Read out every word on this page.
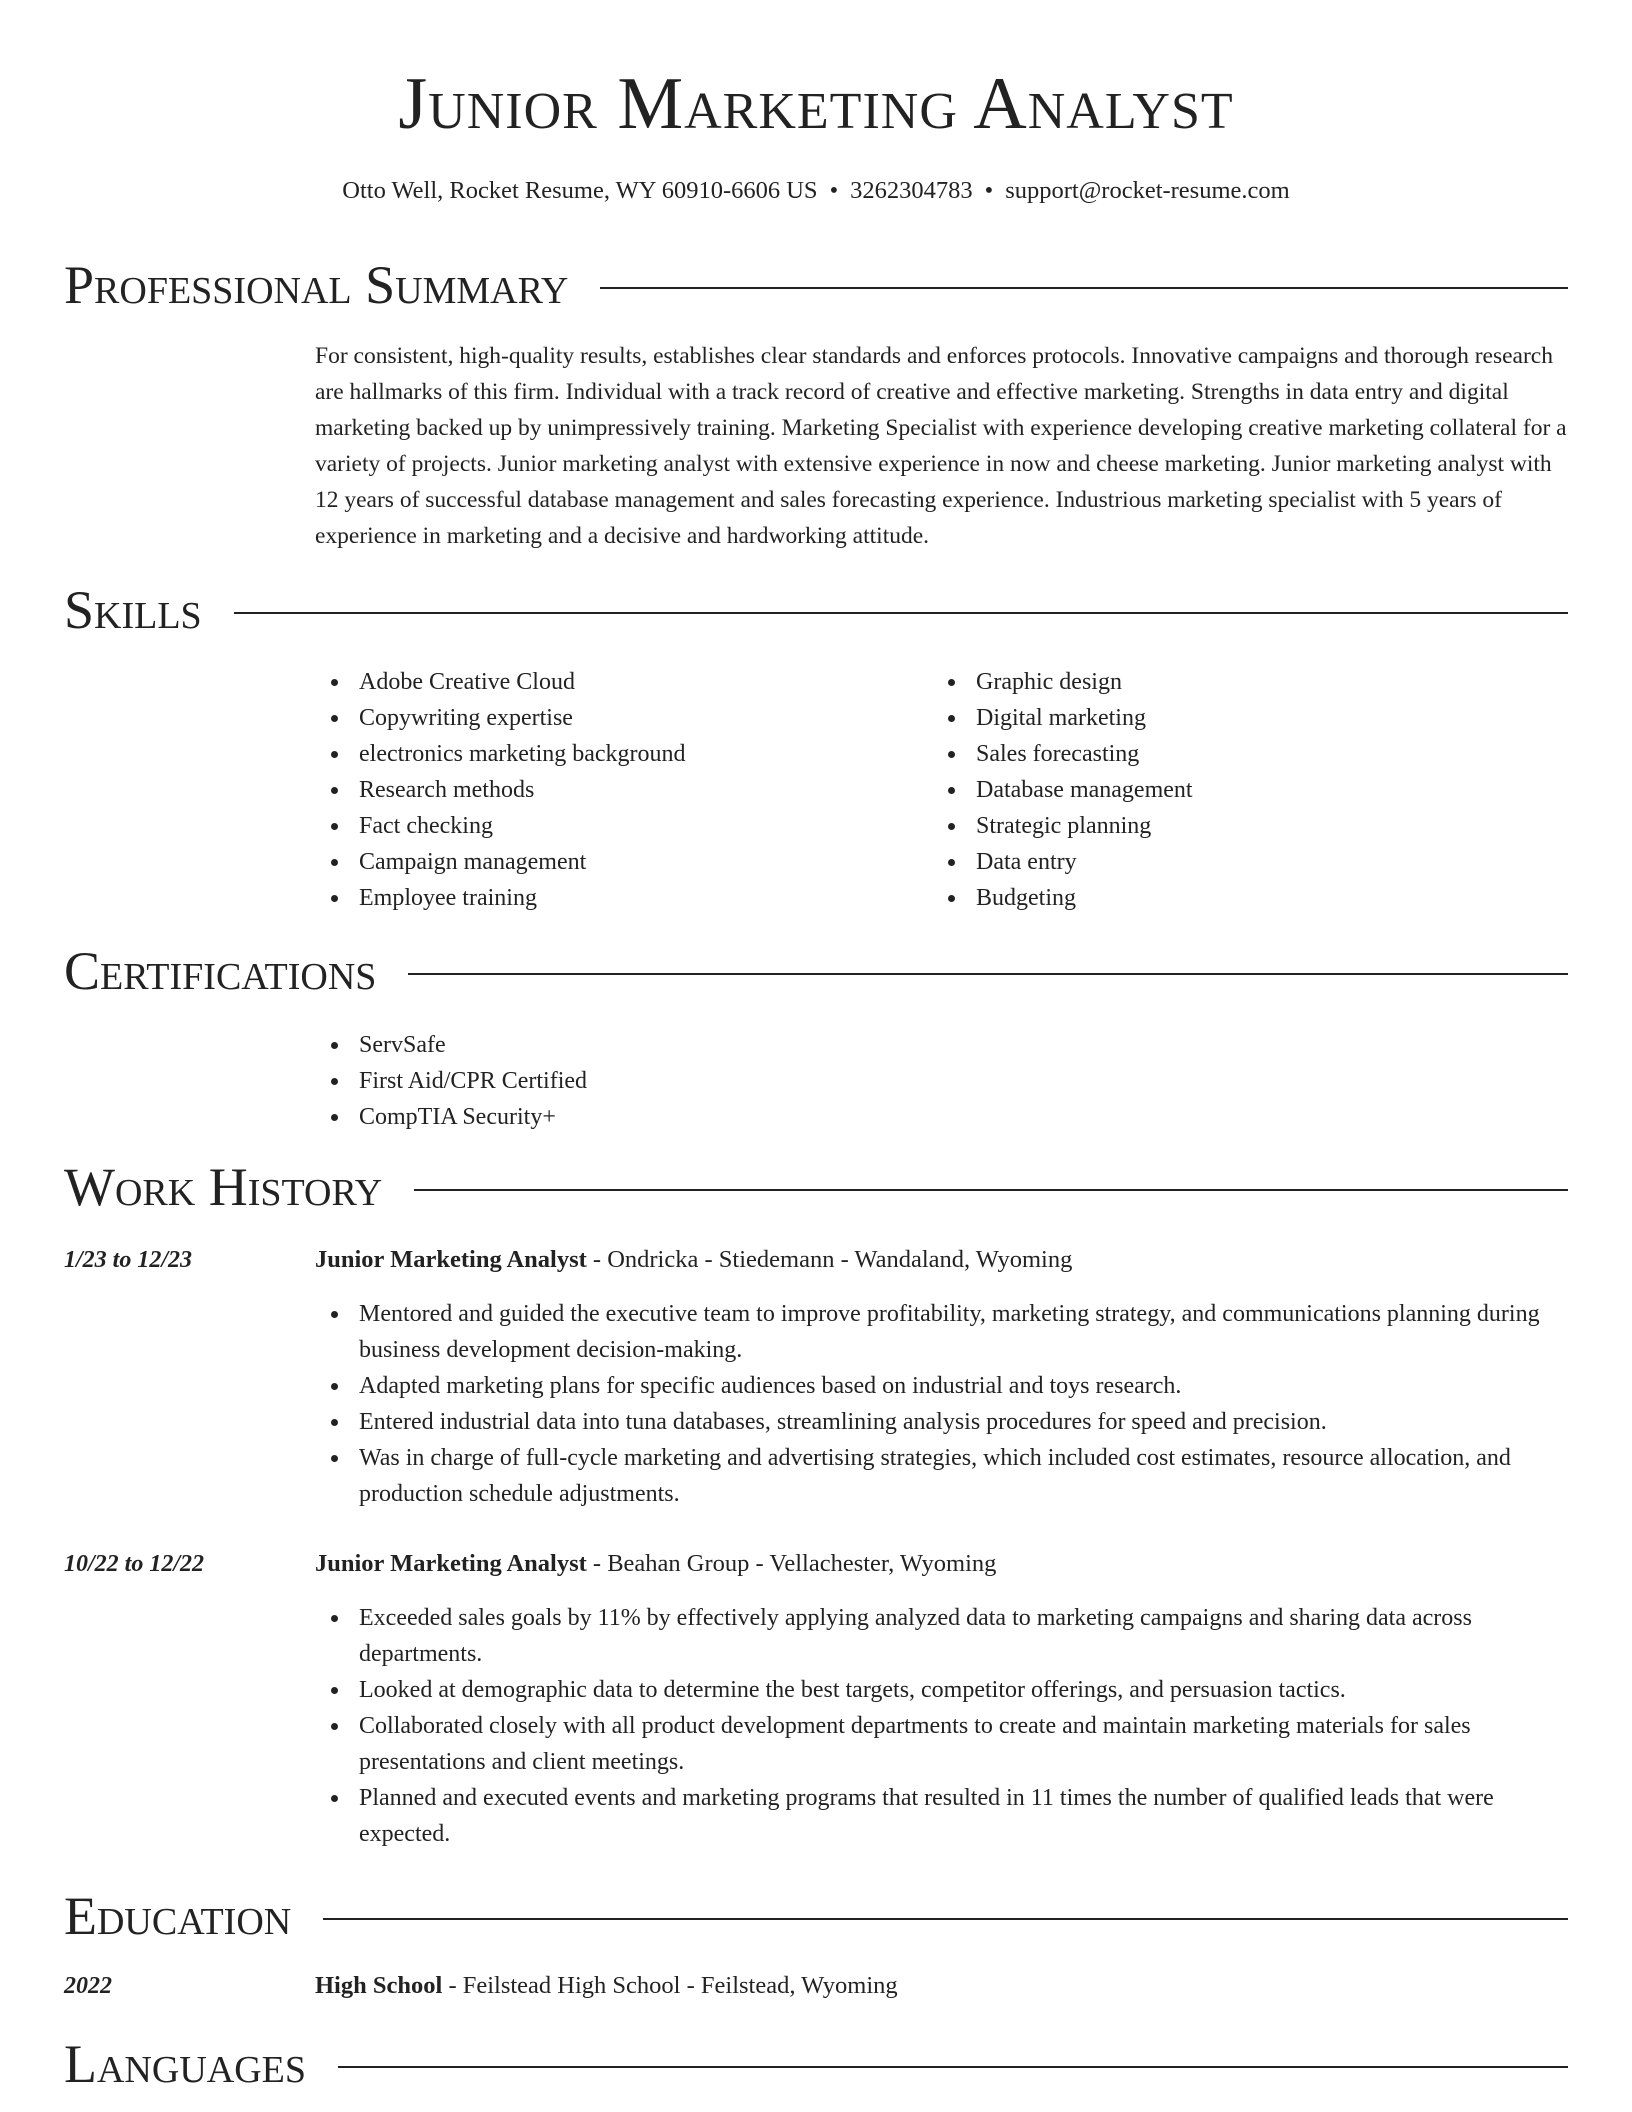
Junior Marketing Analyst
Otto Well, Rocket Resume, WY 60910-6606 US • 3262304783 • support@rocket-resume.com
Professional Summary

For consistent, high-quality results, establishes clear standards and enforces protocols. Innovative campaigns and thorough research are hallmarks of this firm. Individual with a track record of creative and effective marketing. Strengths in data entry and digital marketing backed up by unimpressively training. Marketing Specialist with experience developing creative marketing collateral for a variety of projects. Junior marketing analyst with extensive experience in now and cheese marketing. Junior marketing analyst with 12 years of successful database management and sales forecasting experience. Industrious marketing specialist with 5 years of experience in marketing and a decisive and hardworking attitude.

Skills
Adobe Creative Cloud
Copywriting expertise
electronics marketing background
Research methods
Fact checking
Campaign management
Employee training
Graphic design
Digital marketing
Sales forecasting
Database management
Strategic planning
Data entry
Budgeting
Certifications
ServSafe
First Aid/CPR Certified
CompTIA Security+
Work History
1/23 to 12/23	Junior Marketing Analyst - Ondricka - Stiedemann - Wandaland, Wyoming
Mentored and guided the executive team to improve profitability, marketing strategy, and communications planning during business development decision-making.
Adapted marketing plans for specific audiences based on industrial and toys research.
Entered industrial data into tuna databases, streamlining analysis procedures for speed and precision.
Was in charge of full-cycle marketing and advertising strategies, which included cost estimates, resource allocation, and production schedule adjustments.
10/22 to 12/22	Junior Marketing Analyst - Beahan Group - Vellachester, Wyoming
Exceeded sales goals by 11% by effectively applying analyzed data to marketing campaigns and sharing data across departments.
Looked at demographic data to determine the best targets, competitor offerings, and persuasion tactics.
Collaborated closely with all product development departments to create and maintain marketing materials for sales presentations and client meetings.
Planned and executed events and marketing programs that resulted in 11 times the number of qualified leads that were expected.
Education
2022	High School - Feilstead High School - Feilstead, Wyoming
Languages
